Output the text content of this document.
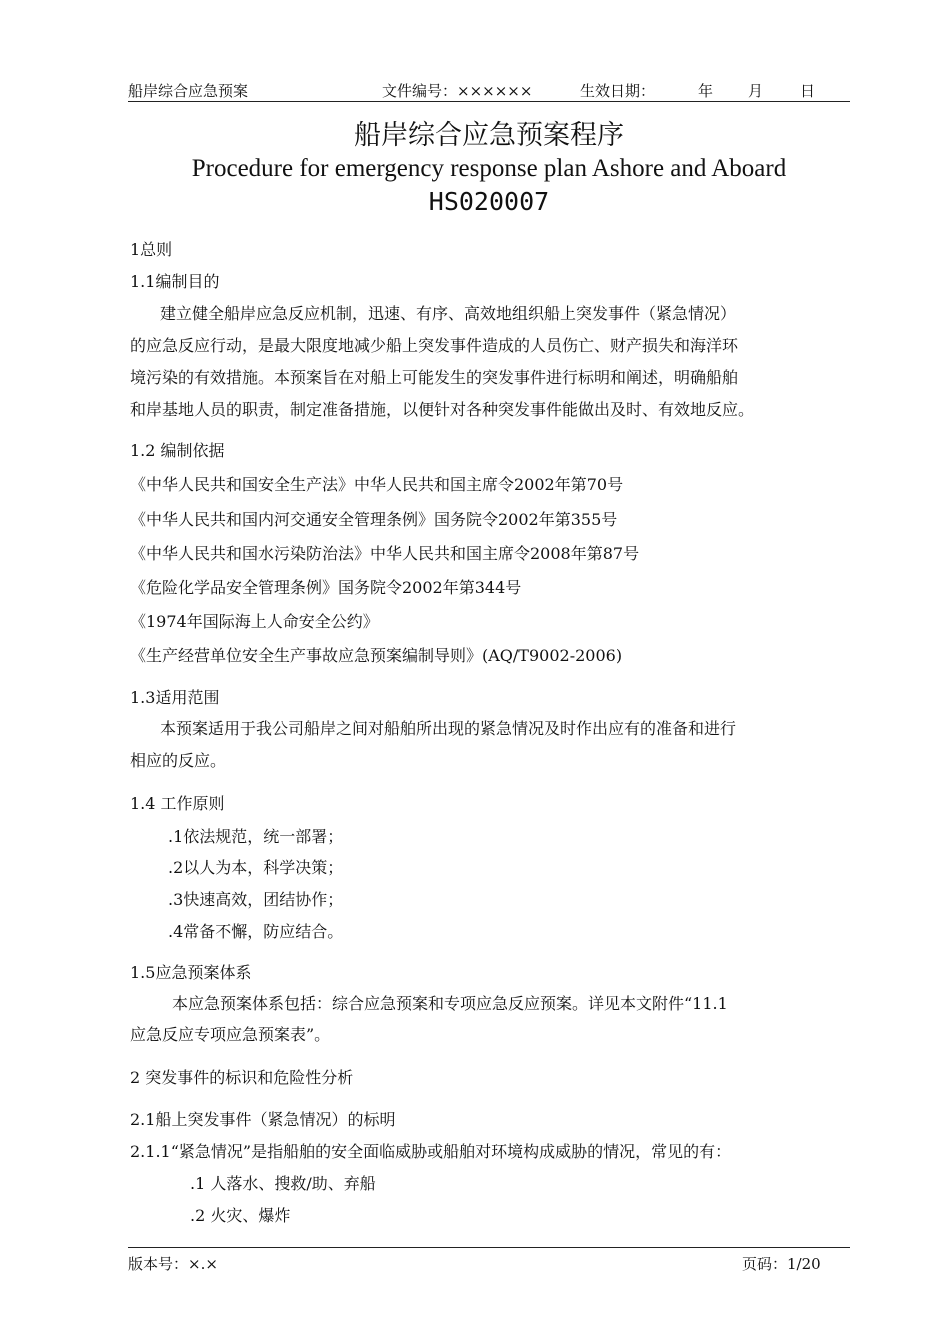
船岸综合应急预案	文件编号：××××××	生效日期：	年 月 日
船岸综合应急预案程序
Procedure for emergency response plan Ashore and Aboard
HS020007
1总则
1.1编制目的
建立健全船岸应急反应机制，迅速、有序、高效地组织船上突发事件（紧急情况）
的应急反应行动，是最大限度地减少船上突发事件造成的人员伤亡、财产损失和海洋环
境污染的有效措施。本预案旨在对船上可能发生的突发事件进行标明和阐述，明确船舶
和岸基地人员的职责，制定准备措施，以便针对各种突发事件能做出及时、有效地反应。
1.2 编制依据
《中华人民共和国安全生产法》中华人民共和国主席令2002年第70号
《中华人民共和国内河交通安全管理条例》国务院令2002年第355号
《中华人民共和国水污染防治法》中华人民共和国主席令2008年第87号
《危险化学品安全管理条例》国务院令2002年第344号
《1974年国际海上人命安全公约》
《生产经营单位安全生产事故应急预案编制导则》(AQ/T9002-2006)
1.3适用范围
本预案适用于我公司船岸之间对船舶所出现的紧急情况及时作出应有的准备和进行
相应的反应。
1.4 工作原则
.1依法规范，统一部署；
.2以人为本，科学决策；
.3快速高效，团结协作；
.4常备不懈，防应结合。
1.5应急预案体系
本应急预案体系包括：综合应急预案和专项应急反应预案。详见本文附件“11.1
应急反应专项应急预案表”。
2 突发事件的标识和危险性分析
2.1船上突发事件（紧急情况）的标明
2.1.1“紧急情况”是指船舶的安全面临威胁或船舶对环境构成威胁的情况，常见的有：
.1 人落水、搜救/助、弃船
.2 火灾、爆炸
版本号：×.×	页码：1/20
